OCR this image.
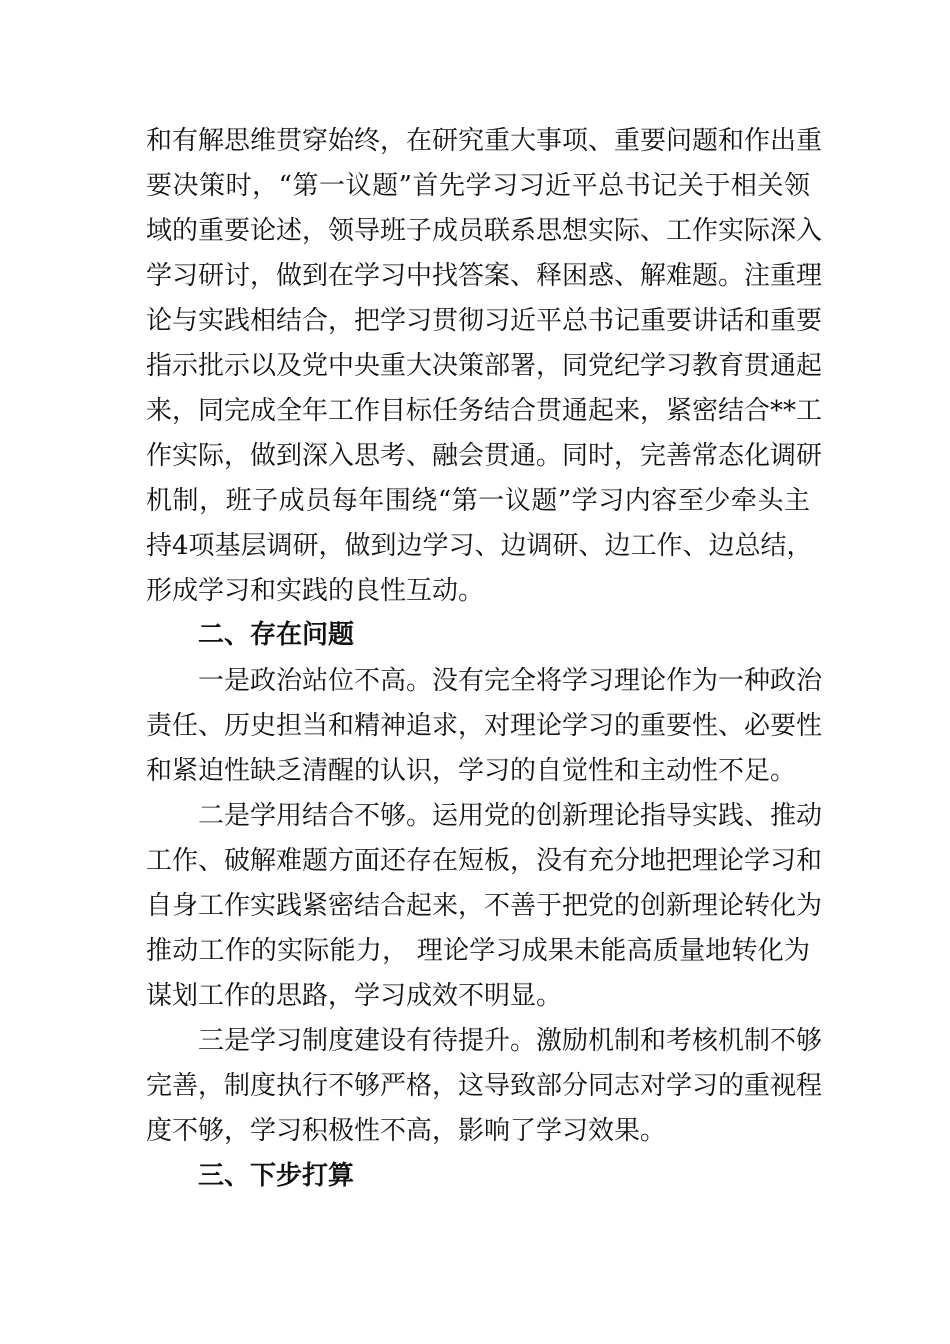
和有解思维贯穿始终，在研究重大事项、重要问题和作出重
要决策时，“第一议题”首先学习习近平总书记关于相关领
域的重要论述，领导班子成员联系思想实际、工作实际深入
学习研讨，做到在学习中找答案、释困惑、解难题。注重理
论与实践相结合，把学习贯彻习近平总书记重要讲话和重要
指示批示以及党中央重大决策部署，同党纪学习教育贯通起
来，同完成全年工作目标任务结合贯通起来，紧密结合**工
作实际，做到深入思考、融会贯通。同时，完善常态化调研
机制，班子成员每年围绕“第一议题”学习内容至少牵头主
持4项基层调研，做到边学习、边调研、边工作、边总结，
形成学习和实践的良性互动。
二、存在问题
一是政治站位不高。没有完全将学习理论作为一种政治
责任、历史担当和精神追求，对理论学习的重要性、必要性
和紧迫性缺乏清醒的认识，学习的自觉性和主动性不足。
二是学用结合不够。运用党的创新理论指导实践、推动
工作、破解难题方面还存在短板，没有充分地把理论学习和
自身工作实践紧密结合起来，不善于把党的创新理论转化为
推动工作的实际能力， 理论学习成果未能高质量地转化为
谋划工作的思路，学习成效不明显。
三是学习制度建设有待提升。激励机制和考核机制不够
完善，制度执行不够严格，这导致部分同志对学习的重视程
度不够，学习积极性不高，影响了学习效果。
三、下步打算
